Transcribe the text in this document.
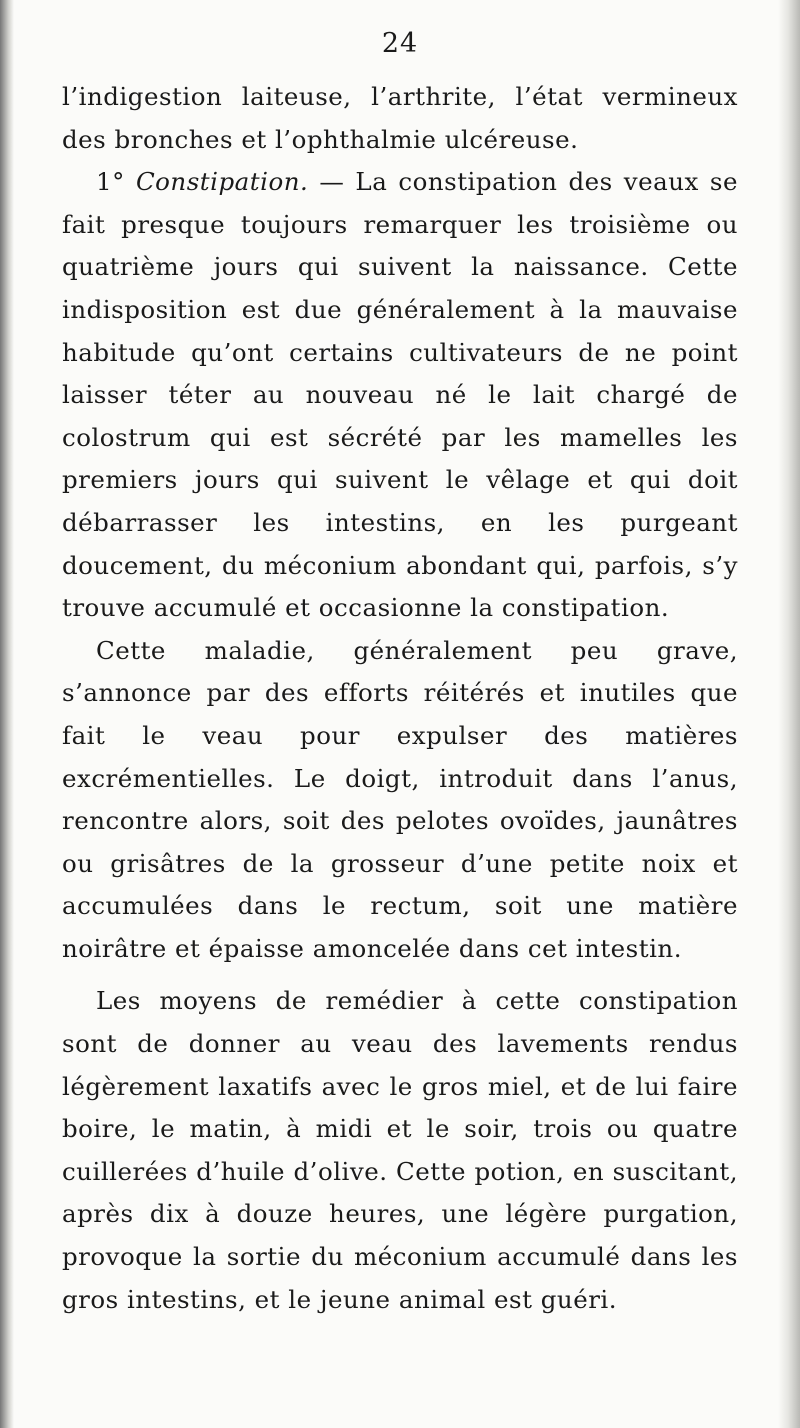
24

l’indigestion laiteuse, l’arthrite, l’état vermineux des bronches et l’ophthalmie ulcéreuse.

1° Constipation. — La constipation des veaux se fait presque toujours remarquer les troisième ou quatrième jours qui suivent la naissance. Cette indisposition est due généralement à la mauvaise habitude qu’ont certains cultivateurs de ne point laisser téter au nouveau né le lait chargé de colostrum qui est sécrété par les mamelles les premiers jours qui suivent le vêlage et qui doit débarrasser les intestins, en les purgeant doucement, du méconium abondant qui, parfois, s’y trouve accumulé et occasionne la constipation.

Cette maladie, généralement peu grave, s’annonce par des efforts réitérés et inutiles que fait le veau pour expulser des matières excrémentielles. Le doigt, introduit dans l’anus, rencontre alors, soit des pelotes ovoïdes, jaunâtres ou grisâtres de la grosseur d’une petite noix et accumulées dans le rectum, soit une matière noirâtre et épaisse amoncelée dans cet intestin.

Les moyens de remédier à cette constipation sont de donner au veau des lavements rendus légèrement laxatifs avec le gros miel, et de lui faire boire, le matin, à midi et le soir, trois ou quatre cuillerées d’huile d’olive. Cette potion, en suscitant, après dix à douze heures, une légère purgation, provoque la sortie du méconium accumulé dans les gros intestins, et le jeune animal est guéri.
